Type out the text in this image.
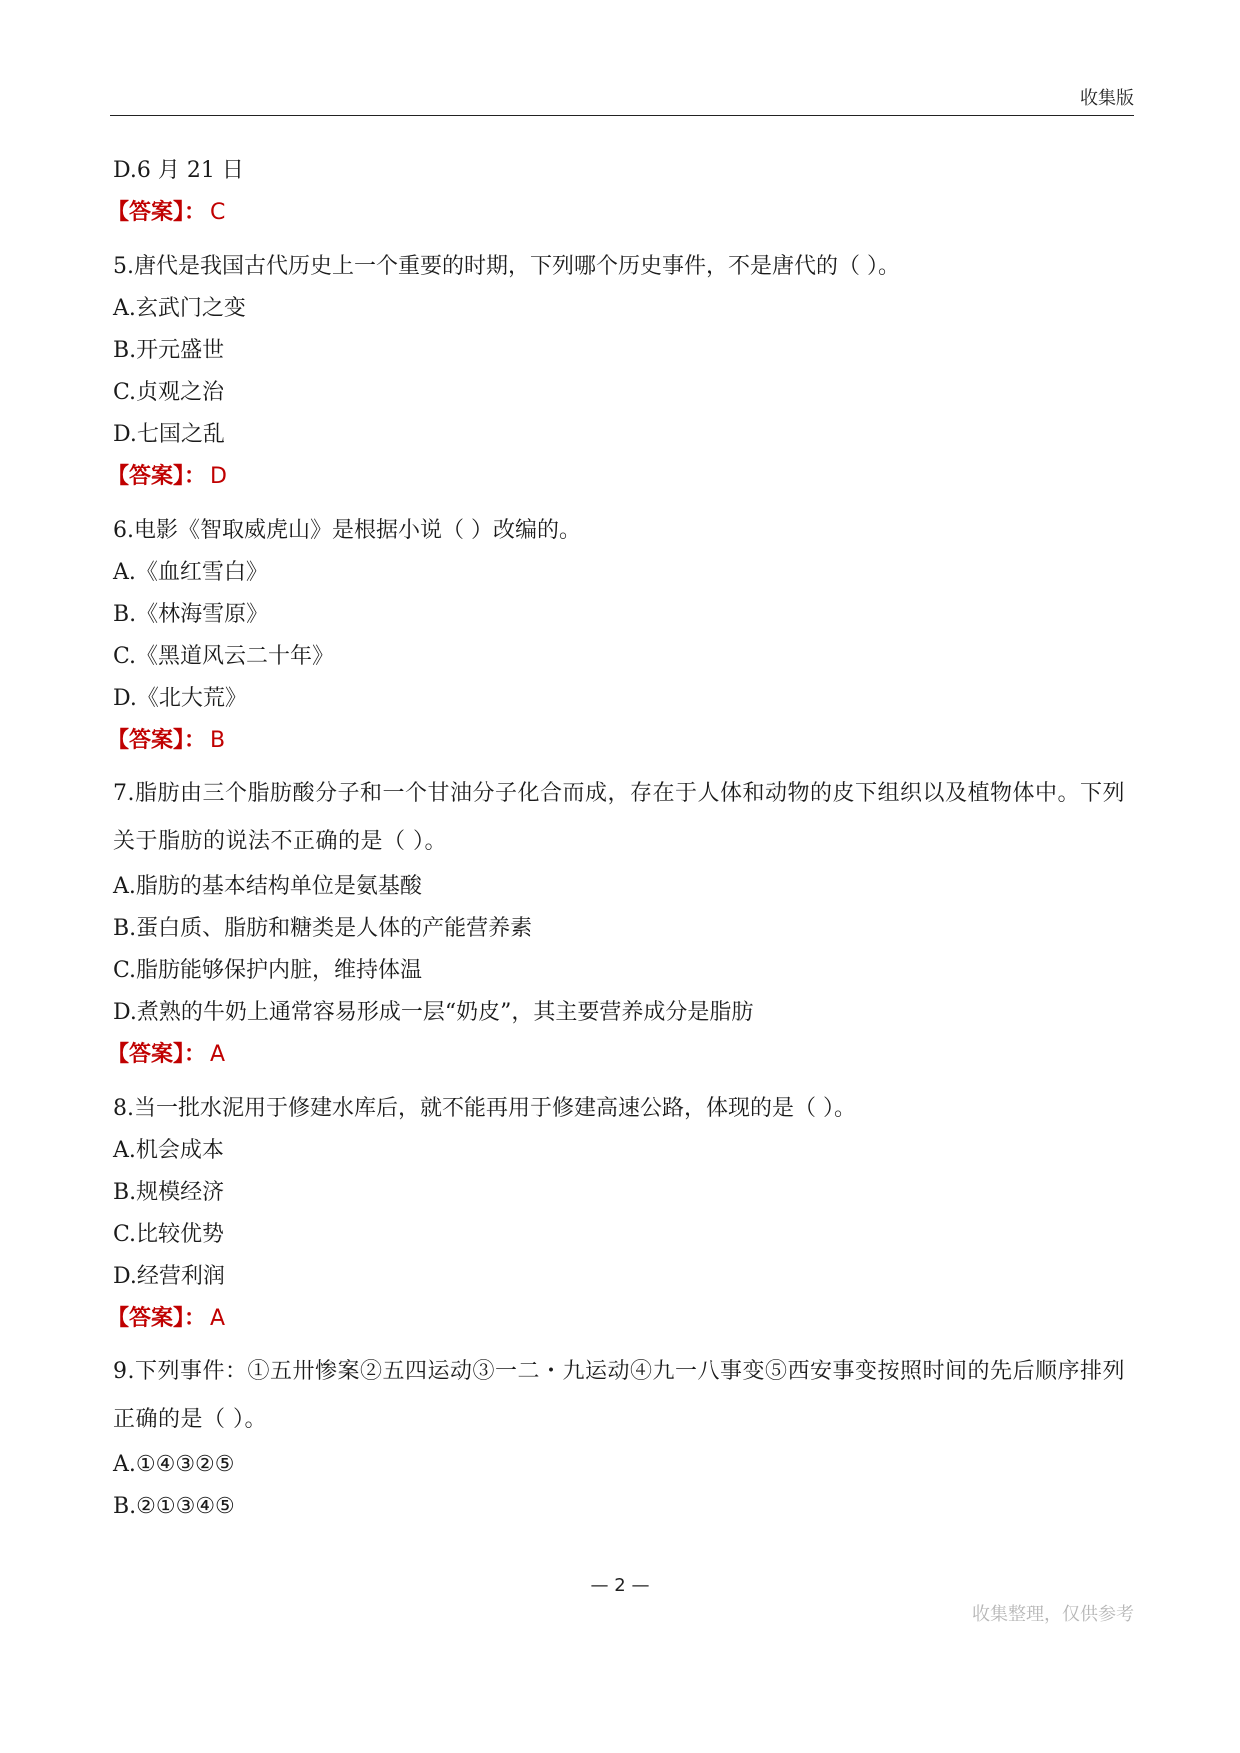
收集版
D.6 月 21 日
【答案】： C
5.唐代是我国古代历史上一个重要的时期，下列哪个历史事件，不是唐代的（ ）。
A.玄武门之变
B.开元盛世
C.贞观之治
D.七国之乱
【答案】： D
6.电影《智取威虎山》是根据小说（ ）改编的。
A.《血红雪白》
B.《林海雪原》
C.《黑道风云二十年》
D.《北大荒》
【答案】： B
7.脂肪由三个脂肪酸分子和一个甘油分子化合而成，存在于人体和动物的皮下组织以及植物体中。下列关于脂肪的说法不正确的是（ ）。
A.脂肪的基本结构单位是氨基酸
B.蛋白质、脂肪和糖类是人体的产能营养素
C.脂肪能够保护内脏，维持体温
D.煮熟的牛奶上通常容易形成一层“奶皮”，其主要营养成分是脂肪
【答案】： A
8.当一批水泥用于修建水库后，就不能再用于修建高速公路，体现的是（ ）。
A.机会成本
B.规模经济
C.比较优势
D.经营利润
【答案】： A
9.下列事件：①五卅惨案②五四运动③一二・九运动④九一八事变⑤西安事变按照时间的先后顺序排列正确的是（ ）。
A.①④③②⑤
B.②①③④⑤
— 2 —
收集整理，仅供参考
